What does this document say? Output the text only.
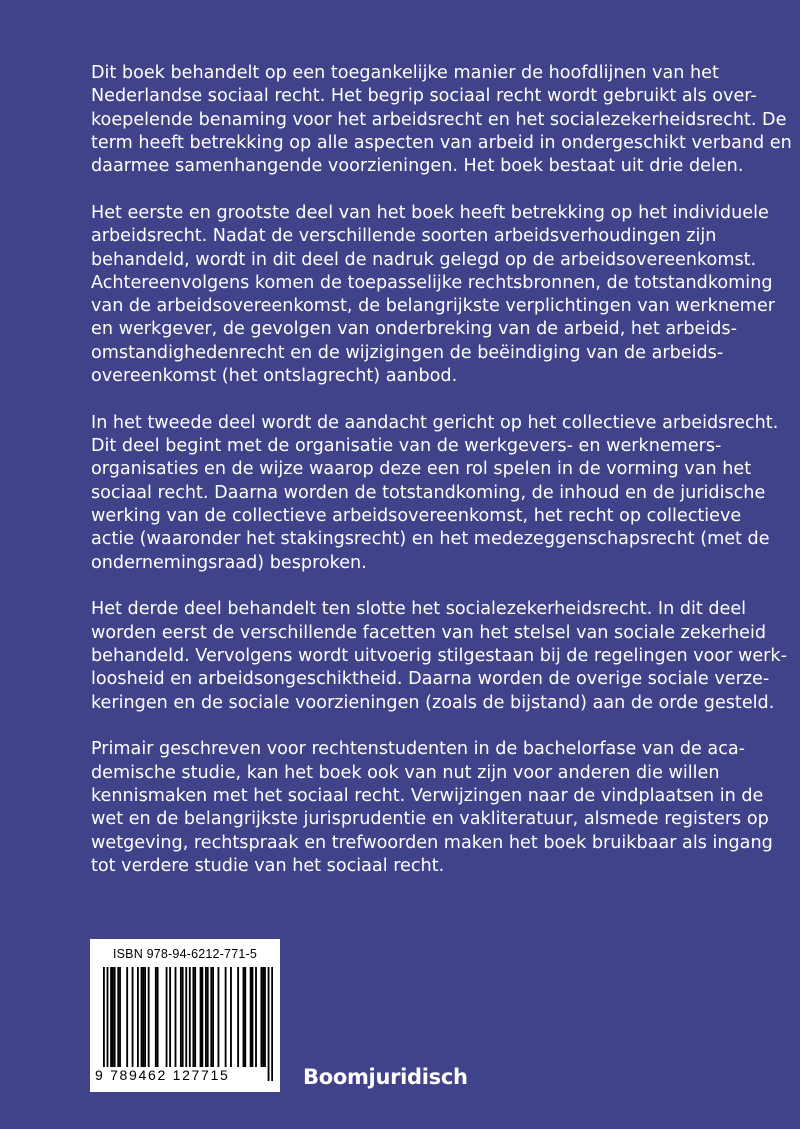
Dit boek behandelt op een toegankelijke manier de hoofdlijnen van het
Nederlandse sociaal recht. Het begrip sociaal recht wordt gebruikt als over-
koepelende benaming voor het arbeidsrecht en het socialezekerheidsrecht. De
term heeft betrekking op alle aspecten van arbeid in ondergeschikt verband en
daarmee samenhangende voorzieningen. Het boek bestaat uit drie delen.

Het eerste en grootste deel van het boek heeft betrekking op het individuele
arbeidsrecht. Nadat de verschillende soorten arbeidsverhoudingen zijn
behandeld, wordt in dit deel de nadruk gelegd op de arbeidsovereenkomst.
Achtereenvolgens komen de toepasselijke rechtsbronnen, de totstandkoming
van de arbeidsovereenkomst, de belangrijkste verplichtingen van werknemer
en werkgever, de gevolgen van onderbreking van de arbeid, het arbeids-
omstandighedenrecht en de wijzigingen de beëindiging van de arbeids-
overeenkomst (het ontslagrecht) aanbod.

In het tweede deel wordt de aandacht gericht op het collectieve arbeidsrecht.
Dit deel begint met de organisatie van de werkgevers- en werknemers-
organisaties en de wijze waarop deze een rol spelen in de vorming van het
sociaal recht. Daarna worden de totstandkoming, de inhoud en de juridische
werking van de collectieve arbeidsovereenkomst, het recht op collectieve
actie (waaronder het stakingsrecht) en het medezeggenschapsrecht (met de
ondernemingsraad) besproken.

Het derde deel behandelt ten slotte het socialezekerheidsrecht. In dit deel
worden eerst de verschillende facetten van het stelsel van sociale zekerheid
behandeld. Vervolgens wordt uitvoerig stilgestaan bij de regelingen voor werk-
loosheid en arbeidsongeschiktheid. Daarna worden de overige sociale verze-
keringen en de sociale voorzieningen (zoals de bijstand) aan de orde gesteld.

Primair geschreven voor rechtenstudenten in de bachelorfase van de aca-
demische studie, kan het boek ook van nut zijn voor anderen die willen
kennismaken met het sociaal recht. Verwijzingen naar de vindplaatsen in de
wet en de belangrijkste jurisprudentie en vakliteratuur, alsmede registers op
wetgeving, rechtspraak en trefwoorden maken het boek bruikbaar als ingang
tot verdere studie van het sociaal recht.

ISBN 978-94-6212-771-5
9 789462 127715	Boomjuridisch
